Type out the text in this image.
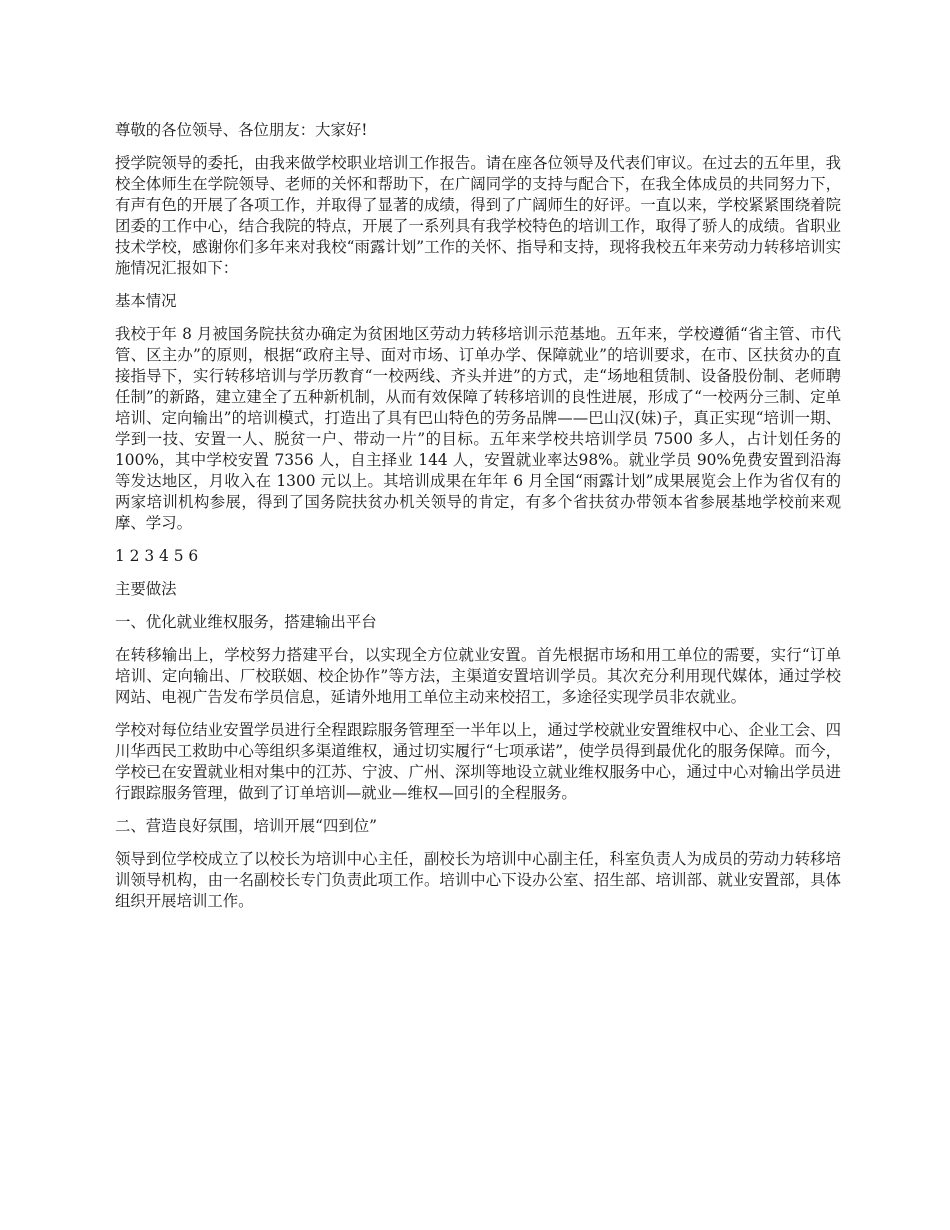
尊敬的各位领导、各位朋友：大家好!

授学院领导的委托，由我来做学校职业培训工作报告。请在座各位领导及代表们审议。在过去的五年里，我校全体师生在学院领导、老师的关怀和帮助下，在广阔同学的支持与配合下，在我全体成员的共同努力下，有声有色的开展了各项工作，并取得了显著的成绩，得到了广阔师生的好评。一直以来，学校紧紧围绕着院团委的工作中心，结合我院的特点，开展了一系列具有我学校特色的培训工作，取得了骄人的成绩。省职业技术学校，感谢你们多年来对我校“雨露计划”工作的关怀、指导和支持，现将我校五年来劳动力转移培训实施情况汇报如下：

基本情况

我校于年 8 月被国务院扶贫办确定为贫困地区劳动力转移培训示范基地。五年来，学校遵循“省主管、市代管、区主办”的原则，根据“政府主导、面对市场、订单办学、保障就业”的培训要求，在市、区扶贫办的直接指导下，实行转移培训与学历教育“一校两线、齐头并进”的方式，走“场地租赁制、设备股份制、老师聘任制”的新路，建立建全了五种新机制，从而有效保障了转移培训的良性进展，形成了“一校两分三制、定单培训、定向输出”的培训模式，打造出了具有巴山特色的劳务品牌——巴山汉(妹)子，真正实现“培训一期、学到一技、安置一人、脱贫一户、带动一片”的目标。五年来学校共培训学员 7500 多人，占计划任务的 100%，其中学校安置 7356 人，自主择业 144 人，安置就业率达98%。就业学员 90%免费安置到沿海等发达地区，月收入在 1300 元以上。其培训成果在年年 6 月全国“雨露计划”成果展览会上作为省仅有的两家培训机构参展，得到了国务院扶贫办机关领导的肯定，有多个省扶贫办带领本省参展基地学校前来观摩、学习。

1 2 3 4 5 6

主要做法

一、优化就业维权服务，搭建输出平台

在转移输出上，学校努力搭建平台，以实现全方位就业安置。首先根据市场和用工单位的需要，实行“订单培训、定向输出、厂校联姻、校企协作”等方法，主渠道安置培训学员。其次充分利用现代媒体，通过学校网站、电视广告发布学员信息，延请外地用工单位主动来校招工，多途径实现学员非农就业。

学校对每位结业安置学员进行全程跟踪服务管理至一半年以上，通过学校就业安置维权中心、企业工会、四川华西民工救助中心等组织多渠道维权，通过切实履行“七项承诺”，使学员得到最优化的服务保障。而今，学校已在安置就业相对集中的江苏、宁波、广州、深圳等地设立就业维权服务中心，通过中心对输出学员进行跟踪服务管理，做到了订单培训—就业—维权—回引的全程服务。

二、营造良好氛围，培训开展“四到位”

领导到位学校成立了以校长为培训中心主任，副校长为培训中心副主任，科室负责人为成员的劳动力转移培训领导机构，由一名副校长专门负责此项工作。培训中心下设办公室、招生部、培训部、就业安置部，具体组织开展培训工作。
